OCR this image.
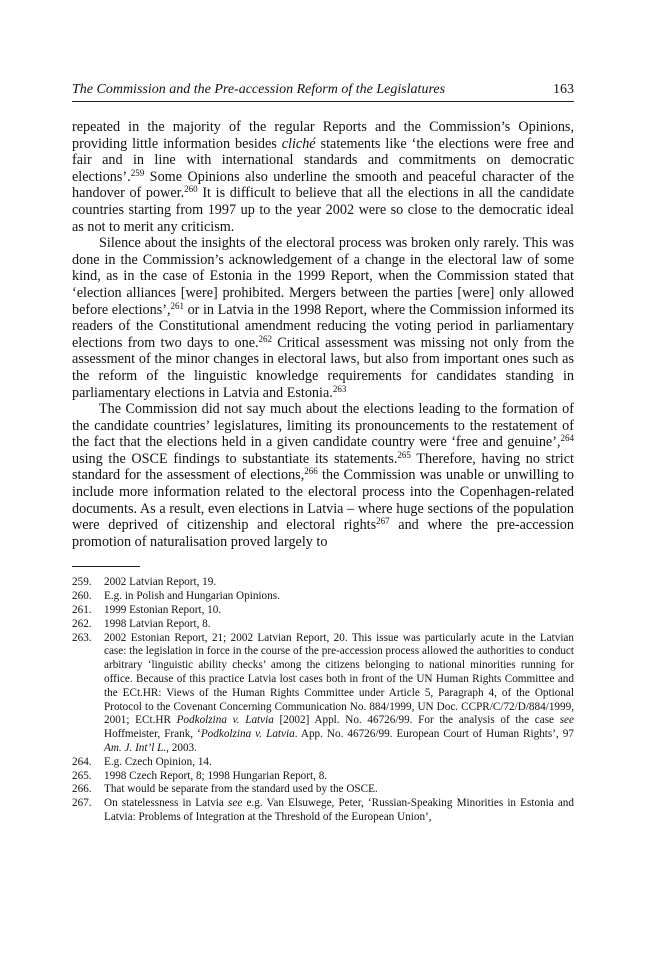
The Commission and the Pre-accession Reform of the Legislatures	163

repeated in the majority of the regular Reports and the Commission’s Opinions, providing little information besides cliché statements like ‘the elections were free and fair and in line with international standards and commitments on democratic elections’.$^{259}$ Some Opinions also underline the smooth and peaceful character of the handover of power.$^{260}$ It is difficult to believe that all the elections in all the candidate countries starting from 1997 up to the year 2002 were so close to the democratic ideal as not to merit any criticism.

Silence about the insights of the electoral process was broken only rarely. This was done in the Commission’s acknowledgement of a change in the electoral law of some kind, as in the case of Estonia in the 1999 Report, when the Commission stated that ‘election alliances [were] prohibited. Mergers between the parties [were] only allowed before elections’,$^{261}$ or in Latvia in the 1998 Report, where the Commission informed its readers of the Constitutional amendment reducing the voting period in parliamentary elections from two days to one.$^{262}$ Critical assessment was missing not only from the assessment of the minor changes in electoral laws, but also from important ones such as the reform of the linguistic knowledge requirements for candidates standing in parliamentary elections in Latvia and Estonia.$^{263}$

The Commission did not say much about the elections leading to the formation of the candidate countries’ legislatures, limiting its pronouncements to the restatement of the fact that the elections held in a given candidate country were ‘free and genuine’,$^{264}$ using the OSCE findings to substantiate its statements.$^{265}$ Therefore, having no strict standard for the assessment of elections,$^{266}$ the Commission was unable or unwilling to include more information related to the electoral process into the Copenhagen-related documents. As a result, even elections in Latvia – where huge sections of the population were deprived of citizenship and electoral rights$^{267}$ and where the pre-accession promotion of naturalisation proved largely to

259.	2002 Latvian Report, 19.
260.	E.g. in Polish and Hungarian Opinions.
261.	1999 Estonian Report, 10.
262.	1998 Latvian Report, 8.
263.	2002 Estonian Report, 21; 2002 Latvian Report, 20. This issue was particularly acute in the Latvian case: the legislation in force in the course of the pre-accession process allowed the authorities to conduct arbitrary ‘linguistic ability checks’ among the citizens belonging to national minorities running for office. Because of this practice Latvia lost cases both in front of the UN Human Rights Committee and the ECt.HR: Views of the Human Rights Committee under Article 5, Paragraph 4, of the Optional Protocol to the Covenant Concerning Communication No. 884/1999, UN Doc. CCPR/C/72/D/884/1999, 2001; ECt.HR Podkolzina v. Latvia [2002] Appl. No. 46726/99. For the analysis of the case see Hoffmeister, Frank, ‘Podkolzina v. Latvia. App. No. 46726/99. European Court of Human Rights’, 97 Am. J. Int’l L., 2003.
264.	E.g. Czech Opinion, 14.
265.	1998 Czech Report, 8; 1998 Hungarian Report, 8.
266.	That would be separate from the standard used by the OSCE.
267.	On statelessness in Latvia see e.g. Van Elsuwege, Peter, ‘Russian-Speaking Minorities in Estonia and Latvia: Problems of Integration at the Threshold of the European Union’,
